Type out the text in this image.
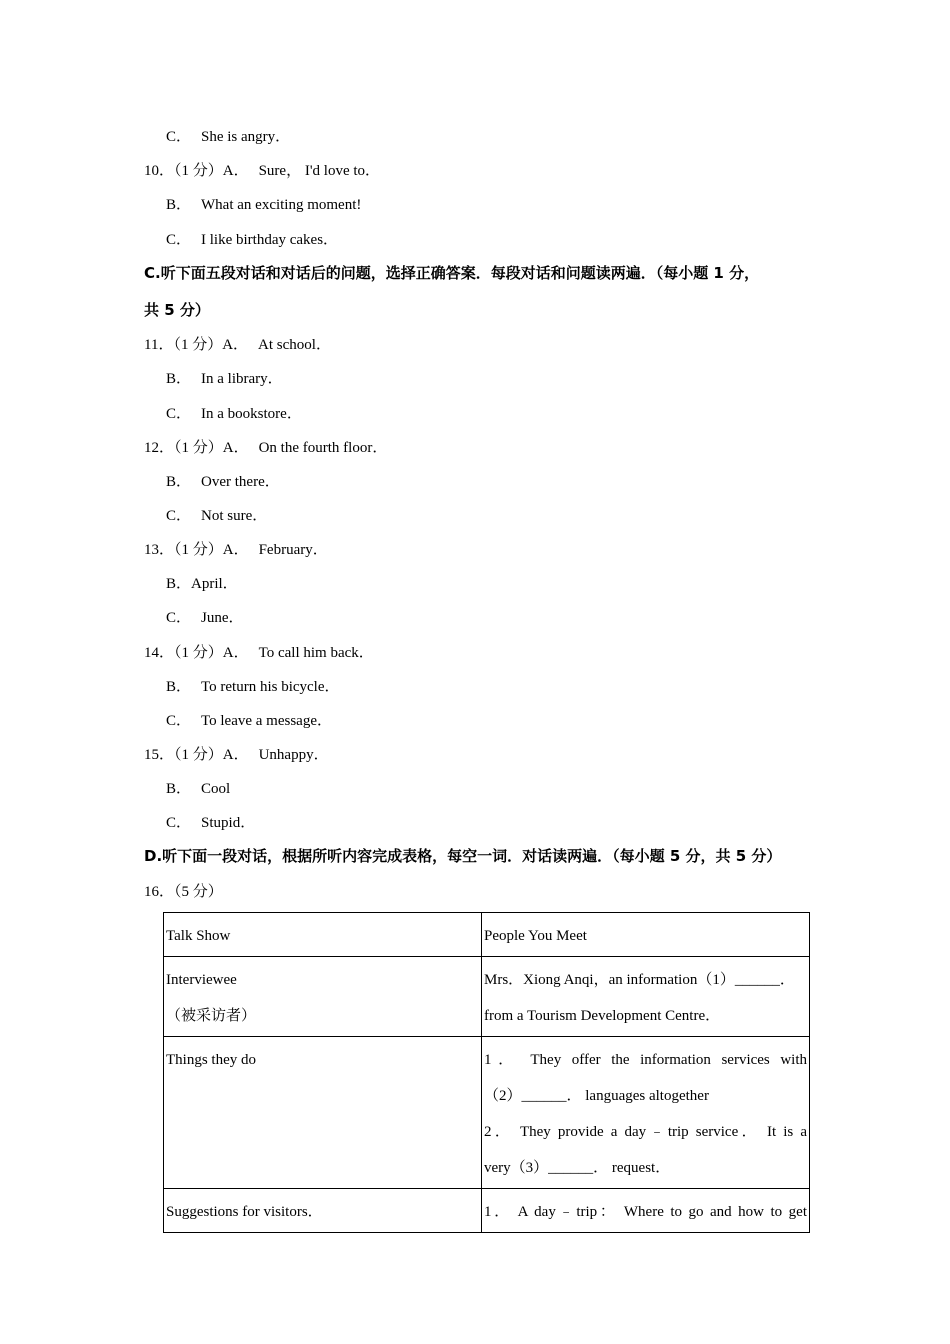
C． She is angry．
10．（1 分）A． Sure， I'd love to．
B． What an exciting moment!
C． I like birthday cakes．
C.听下面五段对话和对话后的问题，选择正确答案．每段对话和问题读两遍．（每小题 1 分，
共 5 分）
11．（1 分）A． At school．
B． In a library．
C． In a bookstore．
12．（1 分）A． On the fourth floor．
B． Over there．
C． Not sure．
13．（1 分）A． February．
B．April．
C． June．
14．（1 分）A． To call him back．
B． To return his bicycle．
C． To leave a message．
15．（1 分）A． Unhappy．
B． Cool
C． Stupid．
D.听下面一段对话，根据所听内容完成表格，每空一词．对话读两遍．（每小题 5 分，共 5 分）
16．（5 分）
Talk Show	People You Meet

Interviewee
（被采访者）	Mrs．Xiong Anqi，an information（1）______．
from a Tourism Development Centre．

Things they do	1． They offer the information services with
（2）______． languages altogether
2． They provide a day﹣trip service． It is a
very（3）______． request．

Suggestions for visitors．	1． A day﹣trip： Where to go and how to get
